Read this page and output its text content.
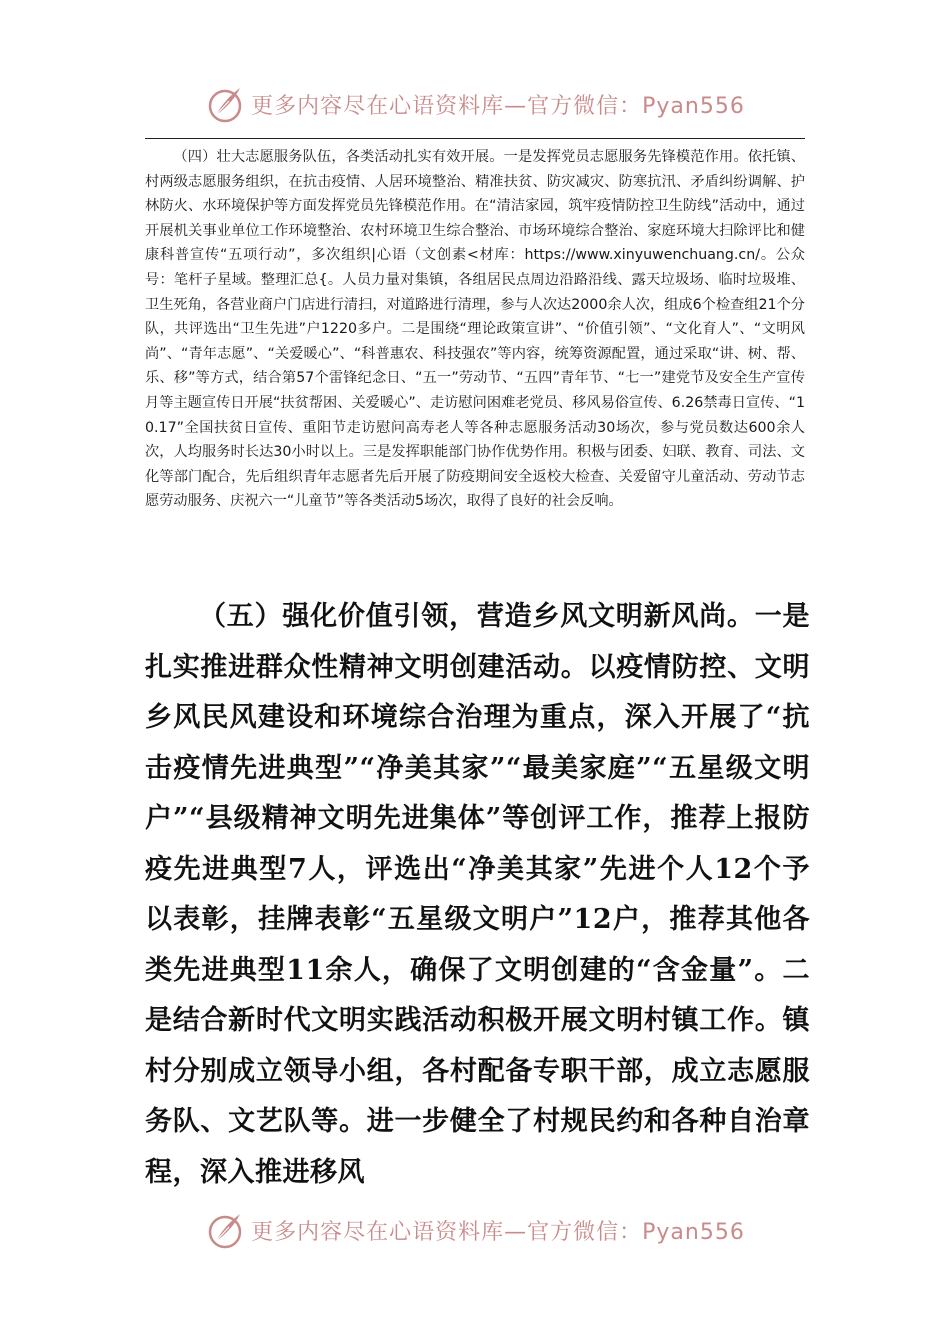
更多内容尽在心语资料库—官方微信：Pyan556

（四）壮大志愿服务队伍，各类活动扎实有效开展。一是发挥党员志愿服务先锋模范作用。依托镇、村两级志愿服务组织，在抗击疫情、人居环境整治、精准扶贫、防灾减灾、防寒抗汛、矛盾纠纷调解、护林防火、水环境保护等方面发挥党员先锋模范作用。在“清洁家园，筑牢疫情防控卫生防线”活动中，通过开展机关事业单位工作环境整治、农村环境卫生综合整治、市场环境综合整治、家庭环境大扫除评比和健康科普宣传“五项行动”，多次组织|心语（文创素<材库：https://www.xinyuwenchuang.cn/。公众号：笔杆子星域。整理汇总{。人员力量对集镇，各组居民点周边沿路沿线、露天垃圾场、临时垃圾堆、卫生死角，各营业商户门店进行清扫，对道路进行清理，参与人次达2000余人次，组成6个检查组21个分队，共评选出“卫生先进”户1220多户。二是围绕“理论政策宣讲”、“价值引领”、“文化育人”、“文明风尚”、“青年志愿”、“关爱暖心”、“科普惠农、科技强农”等内容，统筹资源配置，通过采取“讲、树、帮、乐、移”等方式，结合第57个雷锋纪念日、“五一”劳动节、“五四”青年节、“七一”建党节及安全生产宣传月等主题宣传日开展“扶贫帮困、关爱暖心”、走访慰问困难老党员、移风易俗宣传、6.26禁毒日宣传、“10.17”全国扶贫日宣传、重阳节走访慰问高寿老人等各种志愿服务活动30场次，参与党员数达600余人次，人均服务时长达30小时以上。三是发挥职能部门协作优势作用。积极与团委、妇联、教育、司法、文化等部门配合，先后组织青年志愿者先后开展了防疫期间安全返校大检查、关爱留守儿童活动、劳动节志愿劳动服务、庆祝六一“儿童节”等各类活动5场次，取得了良好的社会反响。

（五）强化价值引领，营造乡风文明新风尚。一是扎实推进群众性精神文明创建活动。以疫情防控、文明乡风民风建设和环境综合治理为重点，深入开展了“抗击疫情先进典型”“净美其家”“最美家庭”“五星级文明户”“县级精神文明先进集体”等创评工作，推荐上报防疫先进典型7人，评选出“净美其家”先进个人12个予以表彰，挂牌表彰“五星级文明户”12户，推荐其他各类先进典型11余人，确保了文明创建的“含金量”。二是结合新时代文明实践活动积极开展文明村镇工作。镇村分别成立领导小组，各村配备专职干部，成立志愿服务队、文艺队等。进一步健全了村规民约和各种自治章程，深入推进移风

更多内容尽在心语资料库—官方微信：Pyan556
